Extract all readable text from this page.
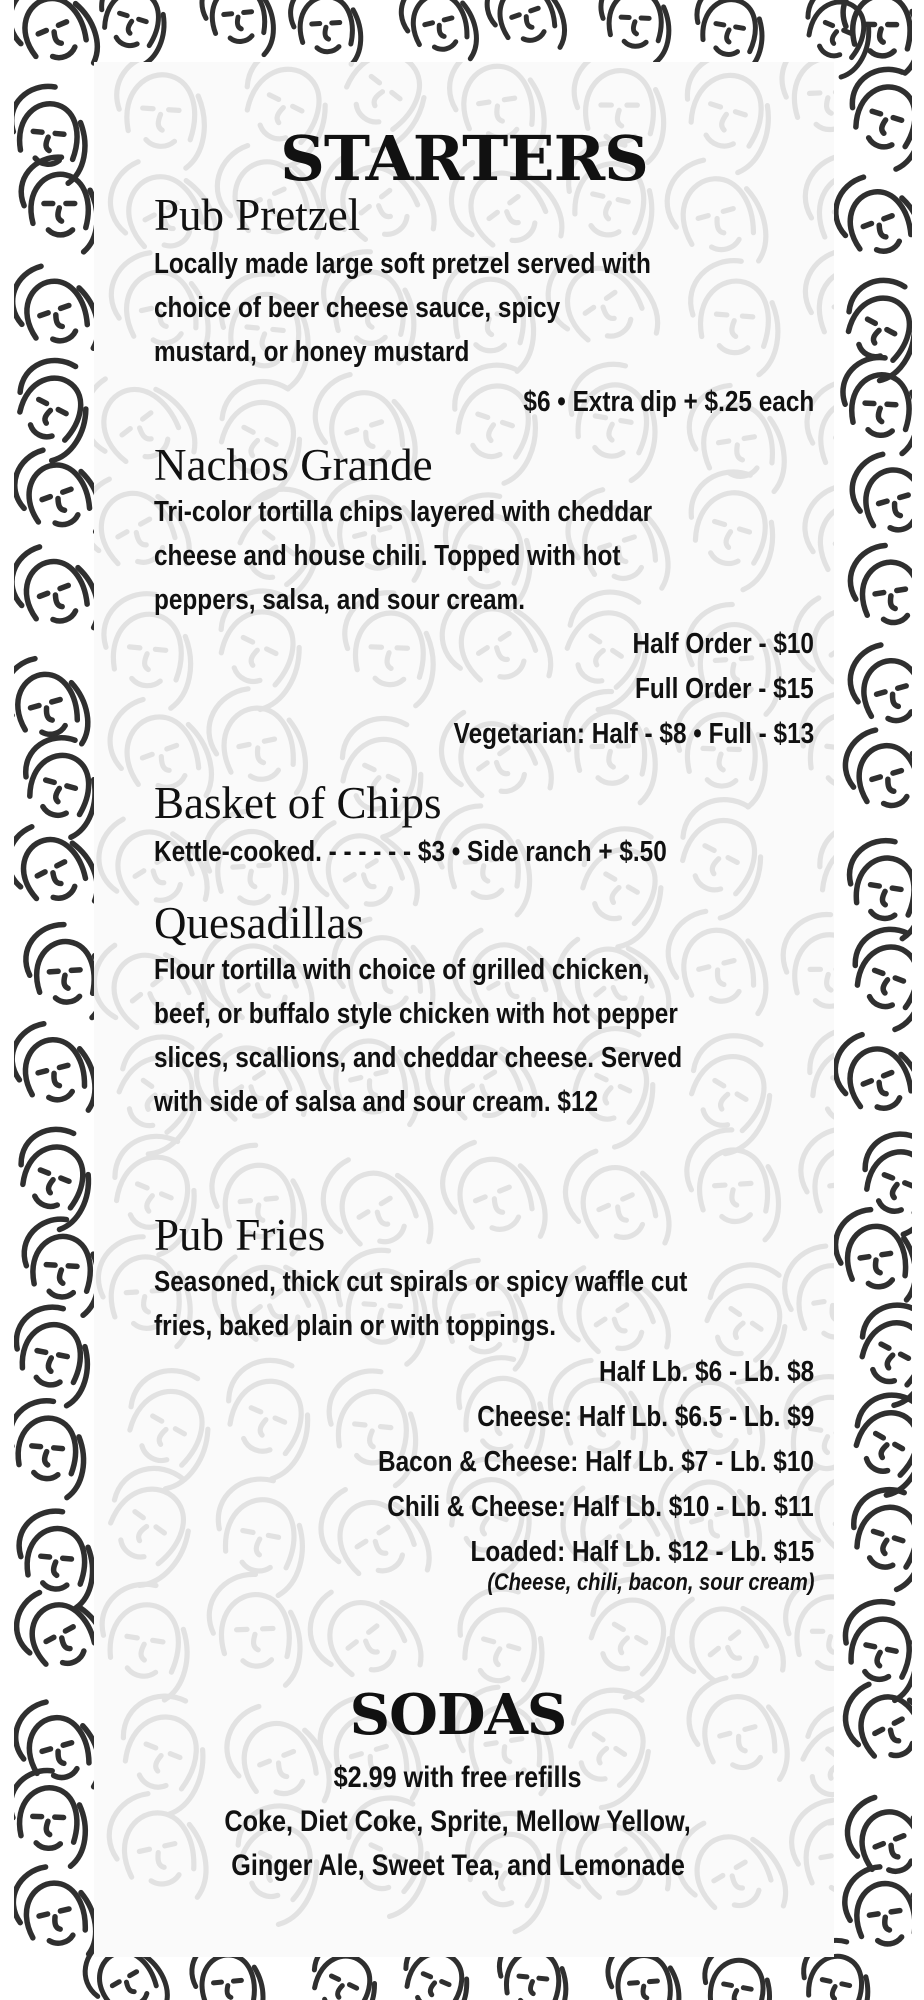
STARTERS
Pub Pretzel
Locally made large soft pretzel served with
choice of beer cheese sauce, spicy
mustard, or honey mustard
$6 • Extra dip + $.25 each
Nachos Grande
Tri-color tortilla chips layered with cheddar
cheese and house chili. Topped with hot
peppers, salsa, and sour cream.
Half Order - $10
Full Order - $15
Vegetarian: Half - $8 • Full - $13
Basket of Chips
Kettle-cooked. - - - - - - $3 • Side ranch + $.50
Quesadillas
Flour tortilla with choice of grilled chicken,
beef, or buffalo style chicken with hot pepper
slices, scallions, and cheddar cheese. Served
with side of salsa and sour cream. $12
Pub Fries
Seasoned, thick cut spirals or spicy waffle cut
fries, baked plain or with toppings.
Half Lb. $6 - Lb. $8
Cheese: Half Lb. $6.5 - Lb. $9
Bacon & Cheese: Half Lb. $7 - Lb. $10
Chili & Cheese: Half Lb. $10 - Lb. $11
Loaded: Half Lb. $12 - Lb. $15
(Cheese, chili, bacon, sour cream)
SODAS
$2.99 with free refills
Coke, Diet Coke, Sprite, Mellow Yellow,
Ginger Ale, Sweet Tea, and Lemonade
